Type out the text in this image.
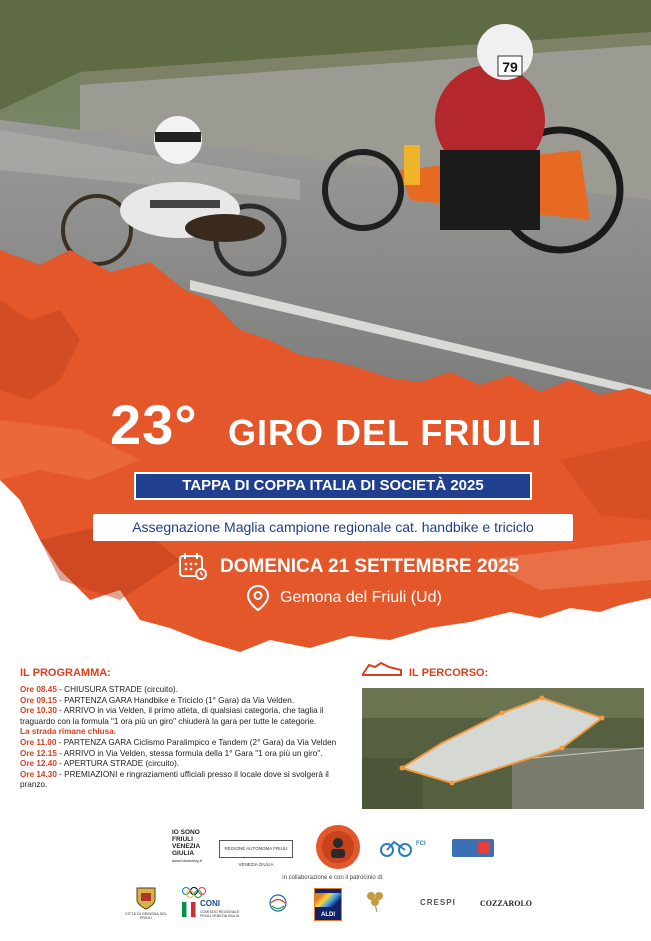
79
23° GIRO DEL FRIULI
TAPPA DI COPPA ITALIA DI SOCIETÀ 2025
Assegnazione Maglia campione regionale cat. handbike e triciclo
DOMENICA 21 SETTEMBRE 2025
Gemona del Friuli (Ud)
IL PROGRAMMA:
Ore 08.45 - CHIUSURA STRADE (circuito).
Ore 09.15 - PARTENZA GARA Handbike e Triciclo (1° Gara) da Via Velden.
Ore 10.30 - ARRIVO in via Velden, il primo atleta, di qualsiasi categoria, che taglia il traguardo con la formula "1 ora più un giro" chiuderà la gara per tutte le categorie.
La strada rimane chiusa.
Ore 11.00 - PARTENZA GARA Ciclismo Paralimpico e Tandem (2° Gara) da Via Velden
Ore 12.15 - ARRIVO in Via Velden, stessa formula della 1° Gara "1 ora più un giro".
Ore 12.40 - APERTURA STRADE (circuito).
Ore 14.30 - PREMIAZIONI e ringraziamenti ufficiali presso il locale dove si svolgerà il pranzo.
IL PERCORSO:
IO SONO
FRIULI
VENEZIA
GIULIA
www.iosonofvg.it
REGIONE AUTONOMA FRIULI VENEZIA GIULIA
FCI
in collaborazione e con il patrocinio di:
CITTÀ DI GEMONA DEL FRIULI
CONI
COMITATO REGIONALE FRIULI VENEZIA GIULIA	ALDI
CRESPI	COZZAROLO
